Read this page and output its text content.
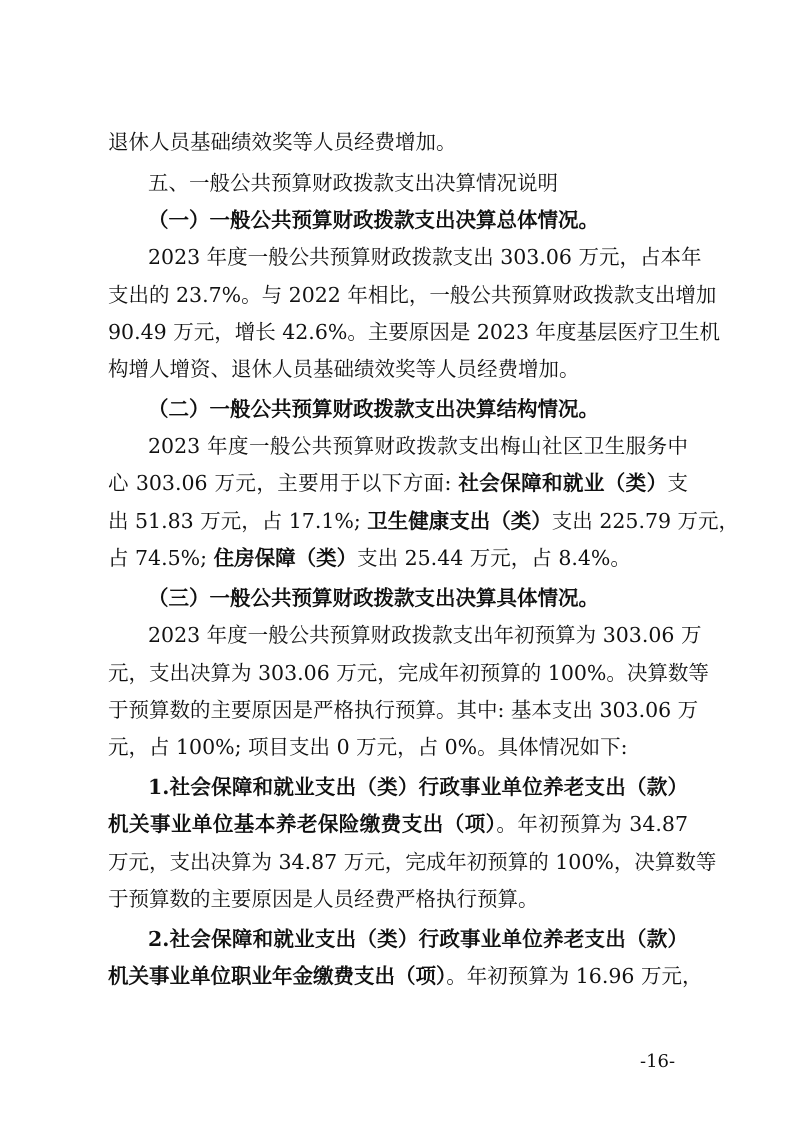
退休人员基础绩效奖等人员经费增加。
五、一般公共预算财政拨款支出决算情况说明
（一）一般公共预算财政拨款支出决算总体情况。
2023 年度一般公共预算财政拨款支出 303.06 万元，占本年
支出的 23.7%。与 2022 年相比，一般公共预算财政拨款支出增加
90.49 万元，增长 42.6%。主要原因是 2023 年度基层医疗卫生机
构增人增资、退休人员基础绩效奖等人员经费增加。
（二）一般公共预算财政拨款支出决算结构情况。
2023 年度一般公共预算财政拨款支出梅山社区卫生服务中
心 303.06 万元，主要用于以下方面: 社会保障和就业（类）支
出 51.83 万元，占 17.1%; 卫生健康支出（类）支出 225.79 万元，
占 74.5%; 住房保障（类）支出 25.44 万元，占 8.4%。
（三）一般公共预算财政拨款支出决算具体情况。
2023 年度一般公共预算财政拨款支出年初预算为 303.06 万
元，支出决算为 303.06 万元，完成年初预算的 100%。决算数等
于预算数的主要原因是严格执行预算。其中: 基本支出 303.06 万
元，占 100%; 项目支出 0 万元，占 0%。具体情况如下:
1.社会保障和就业支出（类）行政事业单位养老支出（款）
机关事业单位基本养老保险缴费支出（项）。年初预算为 34.87
万元，支出决算为 34.87 万元，完成年初预算的 100%，决算数等
于预算数的主要原因是人员经费严格执行预算。
2.社会保障和就业支出（类）行政事业单位养老支出（款）
机关事业单位职业年金缴费支出（项）。年初预算为 16.96 万元，
-16-
